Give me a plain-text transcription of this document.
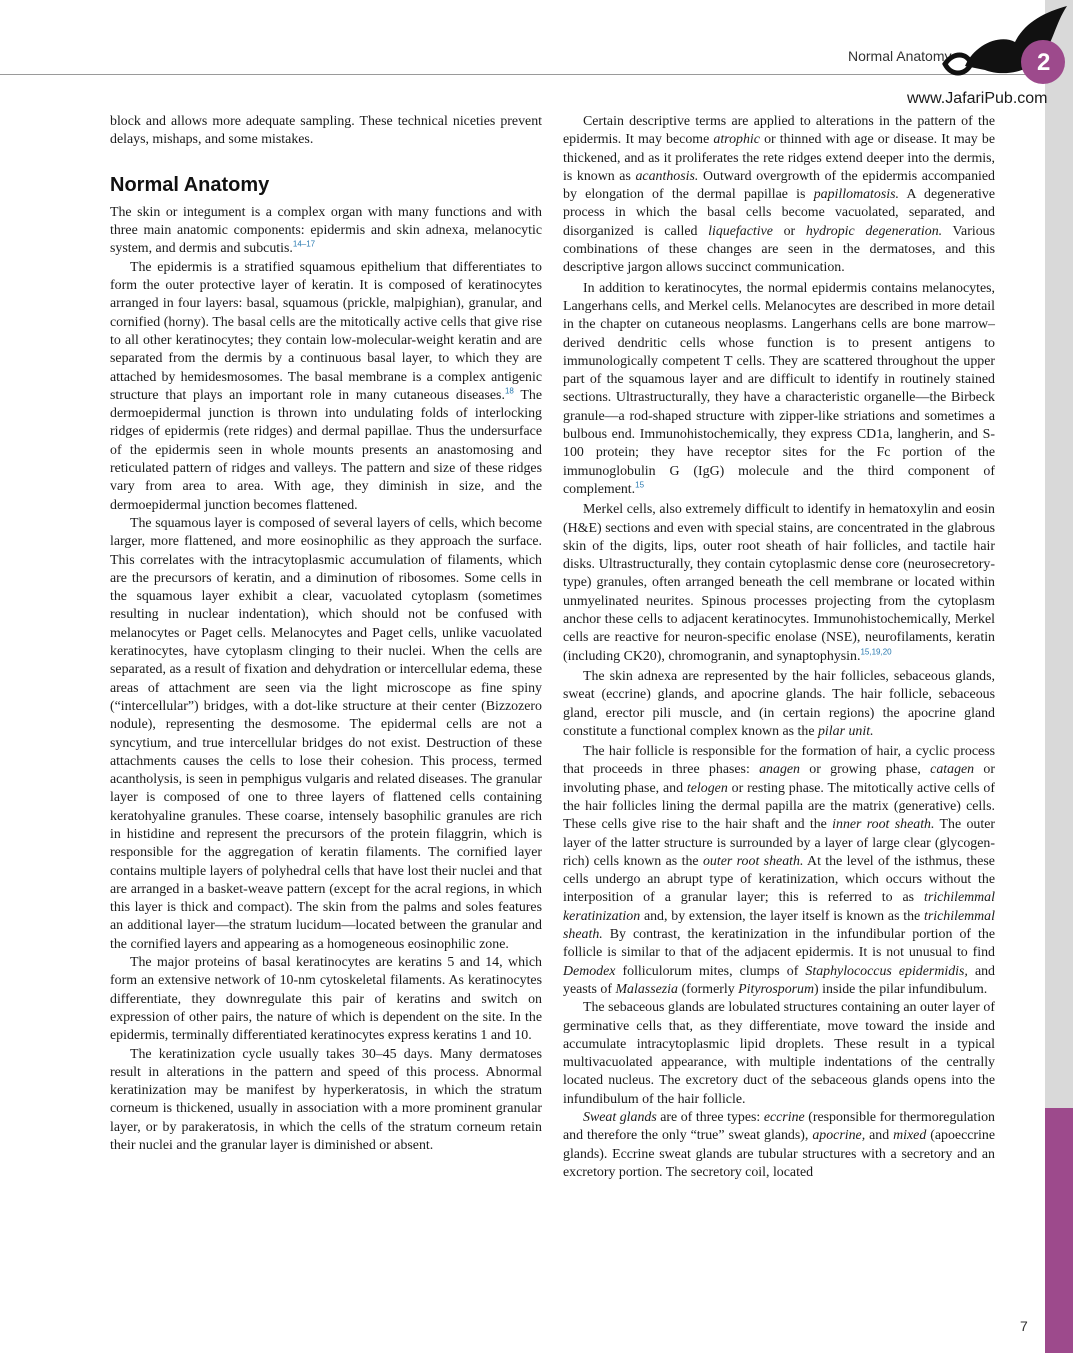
Normal Anatomy	2
www.JafariPub.com

block and allows more adequate sampling. These technical niceties prevent delays, mishaps, and some mistakes.

Normal Anatomy

The skin or integument is a complex organ with many functions and with three main anatomic components: epidermis and skin adnexa, melanocytic system, and dermis and subcutis.$^{14-17}$

The epidermis is a stratified squamous epithelium that differentiates to form the outer protective layer of keratin. It is composed of keratinocytes arranged in four layers: basal, squamous (prickle, malpighian), granular, and cornified (horny). The basal cells are the mitotically active cells that give rise to all other keratinocytes; they contain low-molecular-weight keratin and are separated from the dermis by a continuous basal layer, to which they are attached by hemidesmosomes. The basal membrane is a complex antigenic structure that plays an important role in many cutaneous diseases.$^{18}$ The dermoepidermal junction is thrown into undulating folds of interlocking ridges of epidermis (rete ridges) and dermal papillae. Thus the undersurface of the epidermis seen in whole mounts presents an anastomosing and reticulated pattern of ridges and valleys. The pattern and size of these ridges vary from area to area. With age, they diminish in size, and the dermoepidermal junction becomes flattened.

The squamous layer is composed of several layers of cells, which become larger, more flattened, and more eosinophilic as they approach the surface. This correlates with the intracytoplasmic accumulation of filaments, which are the precursors of keratin, and a diminution of ribosomes. Some cells in the squamous layer exhibit a clear, vacuolated cytoplasm (sometimes resulting in nuclear indentation), which should not be confused with melanocytes or Paget cells. Melanocytes and Paget cells, unlike vacuolated keratinocytes, have cytoplasm clinging to their nuclei. When the cells are separated, as a result of fixation and dehydration or intercellular edema, these areas of attachment are seen via the light microscope as fine spiny (“intercellular”) bridges, with a dot-like structure at their center (Bizzozero nodule), representing the desmosome. The epidermal cells are not a syncytium, and true intercellular bridges do not exist. Destruction of these attachments causes the cells to lose their cohesion. This process, termed acantholysis, is seen in pemphigus vulgaris and related diseases. The granular layer is composed of one to three layers of flattened cells containing keratohyaline granules. These coarse, intensely basophilic granules are rich in histidine and represent the precursors of the protein filaggrin, which is responsible for the aggregation of keratin filaments. The cornified layer contains multiple layers of polyhedral cells that have lost their nuclei and that are arranged in a basket-weave pattern (except for the acral regions, in which this layer is thick and compact). The skin from the palms and soles features an additional layer—the stratum lucidum—located between the granular and the cornified layers and appearing as a homogeneous eosinophilic zone.

The major proteins of basal keratinocytes are keratins 5 and 14, which form an extensive network of 10-nm cytoskeletal filaments. As keratinocytes differentiate, they downregulate this pair of keratins and switch on expression of other pairs, the nature of which is dependent on the site. In the epidermis, terminally differentiated keratinocytes express keratins 1 and 10.

The keratinization cycle usually takes 30–45 days. Many dermatoses result in alterations in the pattern and speed of this process. Abnormal keratinization may be manifest by hyperkeratosis, in which the stratum corneum is thickened, usually in association with a more prominent granular layer, or by parakeratosis, in which the cells of the stratum corneum retain their nuclei and the granular layer is diminished or absent.

Certain descriptive terms are applied to alterations in the pattern of the epidermis. It may become atrophic or thinned with age or disease. It may be thickened, and as it proliferates the rete ridges extend deeper into the dermis, is known as acanthosis. Outward overgrowth of the epidermis accompanied by elongation of the dermal papillae is papillomatosis. A degenerative process in which the basal cells become vacuolated, separated, and disorganized is called liquefactive or hydropic degeneration. Various combinations of these changes are seen in the dermatoses, and this descriptive jargon allows succinct communication.

In addition to keratinocytes, the normal epidermis contains melanocytes, Langerhans cells, and Merkel cells. Melanocytes are described in more detail in the chapter on cutaneous neoplasms. Langerhans cells are bone marrow–derived dendritic cells whose function is to present antigens to immunologically competent T cells. They are scattered throughout the upper part of the squamous layer and are difficult to identify in routinely stained sections. Ultrastructurally, they have a characteristic organelle—the Birbeck granule—a rod-shaped structure with zipper-like striations and sometimes a bulbous end. Immunohistochemically, they express CD1a, langherin, and S-100 protein; they have receptor sites for the Fc portion of the immunoglobulin G (IgG) molecule and the third component of complement.$^{15}$

Merkel cells, also extremely difficult to identify in hematoxylin and eosin (H&E) sections and even with special stains, are concentrated in the glabrous skin of the digits, lips, outer root sheath of hair follicles, and tactile hair disks. Ultrastructurally, they contain cytoplasmic dense core (neurosecretory-type) granules, often arranged beneath the cell membrane or located within unmyelinated neurites. Spinous processes projecting from the cytoplasm anchor these cells to adjacent keratinocytes. Immunohistochemically, Merkel cells are reactive for neuron-specific enolase (NSE), neurofilaments, keratin (including CK20), chromogranin, and synaptophysin.$^{15,19,20}$

The skin adnexa are represented by the hair follicles, sebaceous glands, sweat (eccrine) glands, and apocrine glands. The hair follicle, sebaceous gland, erector pili muscle, and (in certain regions) the apocrine gland constitute a functional complex known as the pilar unit.

The hair follicle is responsible for the formation of hair, a cyclic process that proceeds in three phases: anagen or growing phase, catagen or involuting phase, and telogen or resting phase. The mitotically active cells of the hair follicles lining the dermal papilla are the matrix (generative) cells. These cells give rise to the hair shaft and the inner root sheath. The outer layer of the latter structure is surrounded by a layer of large clear (glycogen-rich) cells known as the outer root sheath. At the level of the isthmus, these cells undergo an abrupt type of keratinization, which occurs without the interposition of a granular layer; this is referred to as trichilemmal keratinization and, by extension, the layer itself is known as the trichilemmal sheath. By contrast, the keratinization in the infundibular portion of the follicle is similar to that of the adjacent epidermis. It is not unusual to find Demodex folliculorum mites, clumps of Staphylococcus epidermidis, and yeasts of Malassezia (formerly Pityrosporum) inside the pilar infundibulum.

The sebaceous glands are lobulated structures containing an outer layer of germinative cells that, as they differentiate, move toward the inside and accumulate intracytoplasmic lipid droplets. These result in a typical multivacuolated appearance, with multiple indentations of the centrally located nucleus. The excretory duct of the sebaceous glands opens into the infundibulum of the hair follicle.

Sweat glands are of three types: eccrine (responsible for thermoregulation and therefore the only “true” sweat glands), apocrine, and mixed (apoeccrine glands). Eccrine sweat glands are tubular structures with a secretory and an excretory portion. The secretory coil, located

7
